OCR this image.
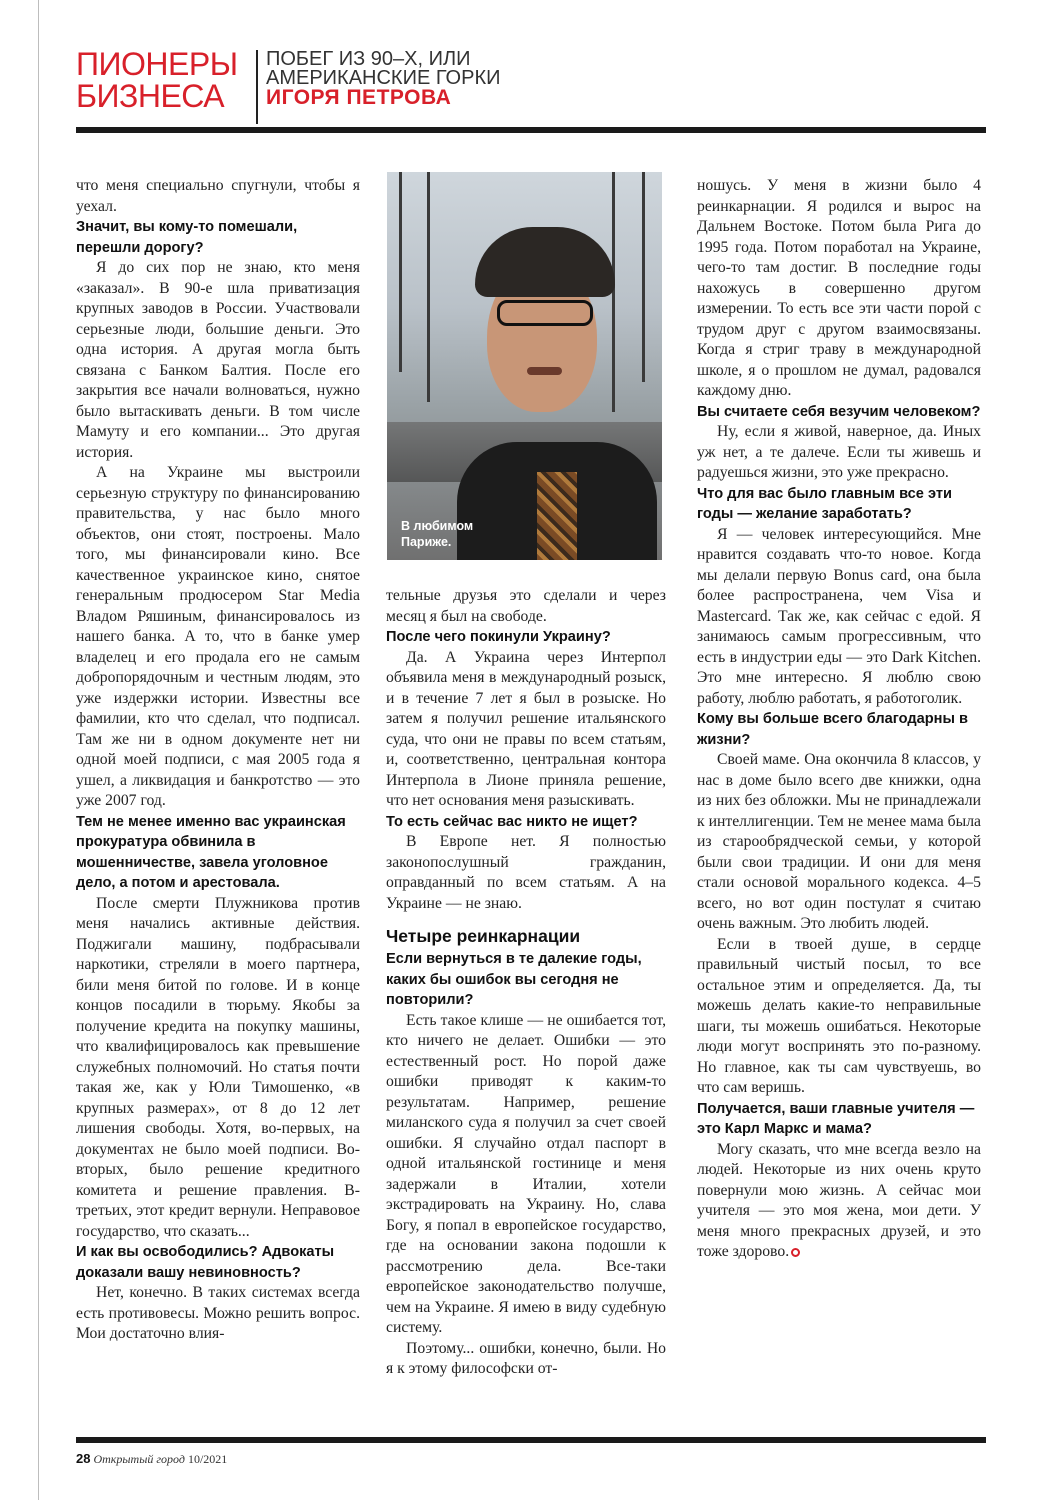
ПИОНЕРЫ
БИЗНЕСА
ПОБЕГ ИЗ 90–Х, ИЛИ
АМЕРИКАНСКИЕ ГОРКИ
ИГОРЯ ПЕТРОВА
В любимом
Париже.

что меня специально спугнули, чтобы я уехал.

Значит, вы кому-то помешали, перешли дорогу?

Я до сих пор не знаю, кто меня «заказал». В 90-е шла приватизация крупных заводов в России. Участвовали серьезные люди, большие деньги. Это одна история. А другая могла быть связана с Банком Балтия. После его закрытия все начали волноваться, нужно было вытаскивать деньги. В том числе Мамуту и его компании... Это другая история.

А на Украине мы выстроили серьезную структуру по финансированию правительства, у нас было много объектов, они стоят, построены. Мало того, мы финансировали кино. Все качественное украинское кино, снятое генеральным продюсером Star Media Владом Ряшиным, финансировалось из нашего банка. А то, что в банке умер владелец и его продала его не самым добропорядочным и честным людям, это уже издержки истории. Известны все фамилии, кто что сделал, что подписал. Там же ни в одном документе нет ни одной моей подписи, с мая 2005 года я ушел, а ликвидация и банкротство — это уже 2007 год.

Тем не менее именно вас украинская прокуратура обвинила в мошенничестве, завела уголовное дело, а потом и арестовала.

После смерти Плужникова против меня начались активные действия. Поджигали машину, подбрасывали наркотики, стреляли в моего партнера, били меня битой по голове. И в конце концов посадили в тюрьму. Якобы за получение кредита на покупку машины, что квалифицировалось как превышение служебных полномочий. Но статья почти такая же, как у Юли Тимошенко, «в крупных размерах», от 8 до 12 лет лишения свободы. Хотя, во-первых, на документах не было моей подписи. Во-вторых, было решение кредитного комитета и решение правления. В-третьих, этот кредит вернули. Неправовое государство, что сказать...

И как вы освободились? Адвокаты доказали вашу невиновность?

Нет, конечно. В таких системах всегда есть противовесы. Можно решить вопрос. Мои достаточно влия-

тельные друзья это сделали и через месяц я был на свободе.

После чего покинули Украину?

Да. А Украина через Интерпол объявила меня в международный розыск, и в течение 7 лет я был в розыске. Но затем я получил решение итальянского суда, что они не правы по всем статьям, и, соответственно, центральная контора Интерпола в Лионе приняла решение, что нет основания меня разыскивать.

То есть сейчас вас никто не ищет?

В Европе нет. Я полностью законопослушный гражданин, оправданный по всем статьям. А на Украине — не знаю.

Четыре реинкарнации

Если вернуться в те далекие годы, каких бы ошибок вы сегодня не повторили?

Есть такое клише — не ошибается тот, кто ничего не делает. Ошибки — это естественный рост. Но порой даже ошибки приводят к каким-то результатам. Например, решение миланского суда я получил за счет своей ошибки. Я случайно отдал паспорт в одной итальянской гостинице и меня задержали в Италии, хотели экстрадировать на Украину. Но, слава Богу, я попал в европейское государство, где на основании закона подошли к рассмотрению дела. Все-таки европейское законодательство получше, чем на Украине. Я имею в виду судебную систему.

Поэтому... ошибки, конечно, были. Но я к этому философски от-

ношусь. У меня в жизни было 4 реинкарнации. Я родился и вырос на Дальнем Востоке. Потом была Рига до 1995 года. Потом поработал на Украине, чего-то там достиг. В последние годы нахожусь в совершенно другом измерении. То есть все эти части порой с трудом друг с другом взаимосвязаны. Когда я стриг траву в международной школе, я о прошлом не думал, радовался каждому дню.

Вы считаете себя везучим человеком?

Ну, если я живой, наверное, да. Иных уж нет, а те далече. Если ты живешь и радуешься жизни, это уже прекрасно.

Что для вас было главным все эти годы — желание заработать?

Я — человек интересующийся. Мне нравится создавать что-то новое. Когда мы делали первую Bonus card, она была более распространена, чем Visa и Mastercard. Так же, как сейчас с едой. Я занимаюсь самым прогрессивным, что есть в индустрии еды — это Dark Kitchen. Это мне интересно. Я люблю свою работу, люблю работать, я работоголик.

Кому вы больше всего благодарны в жизни?

Своей маме. Она окончила 8 классов, у нас в доме было всего две книжки, одна из них без обложки. Мы не принадлежали к интеллигенции. Тем не менее мама была из старообрядческой семьи, у которой были свои традиции. И они для меня стали основой морального кодекса. 4–5 всего, но вот один постулат я считаю очень важным. Это любить людей.

Если в твоей душе, в сердце правильный чистый посыл, то все остальное этим и определяется. Да, ты можешь делать какие-то неправильные шаги, ты можешь ошибаться. Некоторые люди могут воспринять это по-разному. Но главное, как ты сам чувствуешь, во что сам веришь.

Получается, ваши главные учителя — это Карл Маркс и мама?

Могу сказать, что мне всегда везло на людей. Некоторые из них очень круто повернули мою жизнь. А сейчас мои учителя — это моя жена, мои дети. У меня много прекрасных друзей, и это тоже здорово.

28 Открытый город 10/2021
